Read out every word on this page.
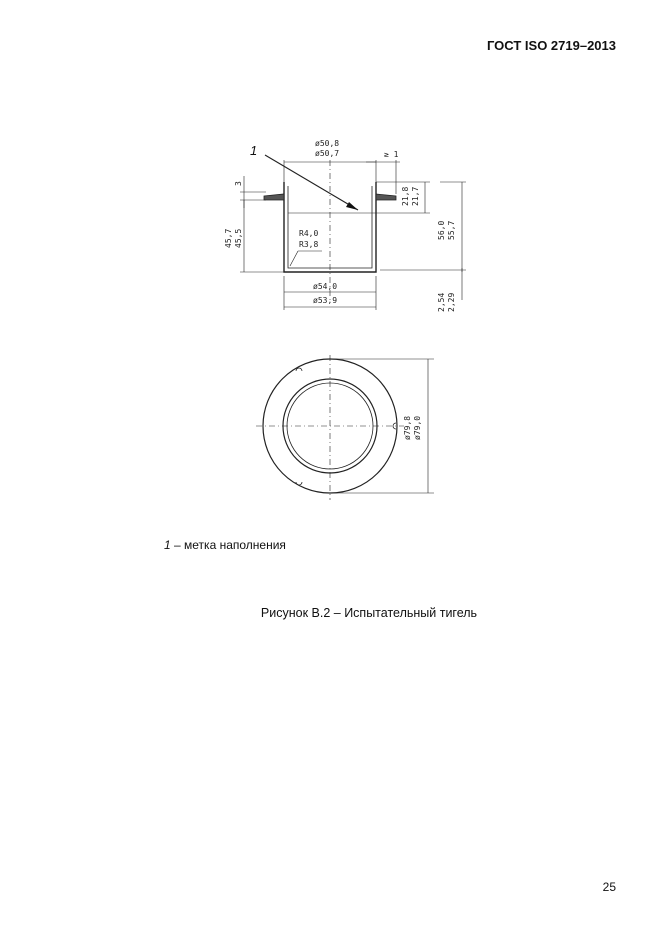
ГОСТ ISO 2719–2013
1	ø50,8
ø50,7	≥ 1
3
45,7 45,5	R4,0
R3,8
21,8 21,7
56,0 55,7
ø54,0
ø53,9	2,54 2,29
ø79,8 ø79,0
1 – метка наполнения
Рисунок В.2 – Испытательный тигель
25
